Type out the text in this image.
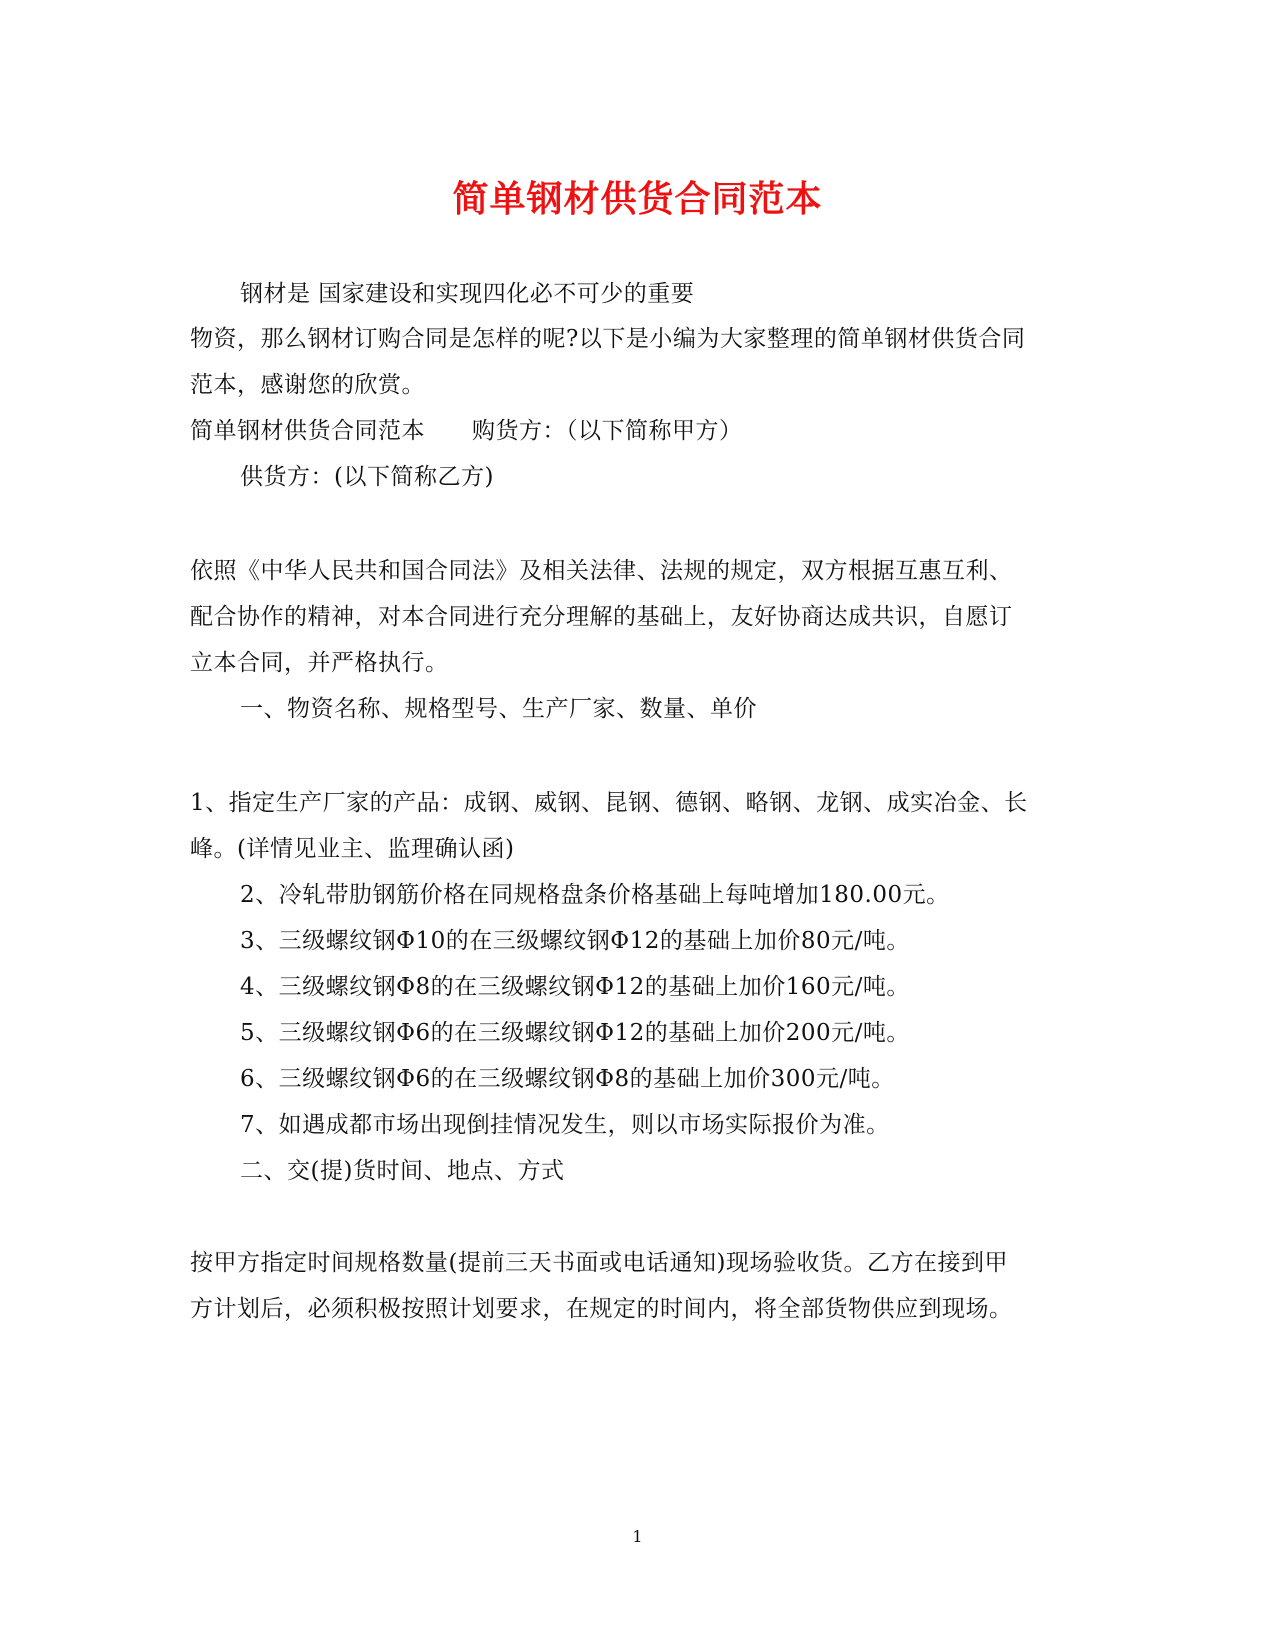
简单钢材供货合同范本
钢材是 国家建设和实现四化必不可少的重要
物资，那么钢材订购合同是怎样的呢?以下是小编为大家整理的简单钢材供货合同
范本，感谢您的欣赏。
简单钢材供货合同范本　　购货方：（以下简称甲方）
供货方：(以下简称乙方)
依照《中华人民共和国合同法》及相关法律、法规的规定，双方根据互惠互利、
配合协作的精神，对本合同进行充分理解的基础上，友好协商达成共识，自愿订
立本合同，并严格执行。
一、物资名称、规格型号、生产厂家、数量、单价
1、指定生产厂家的产品：成钢、威钢、昆钢、德钢、略钢、龙钢、成实冶金、长
峰。(详情见业主、监理确认函)
2、冷轧带肋钢筋价格在同规格盘条价格基础上每吨增加180.00元。
3、三级螺纹钢Φ10的在三级螺纹钢Φ12的基础上加价80元/吨。
4、三级螺纹钢Φ8的在三级螺纹钢Φ12的基础上加价160元/吨。
5、三级螺纹钢Φ6的在三级螺纹钢Φ12的基础上加价200元/吨。
6、三级螺纹钢Φ6的在三级螺纹钢Φ8的基础上加价300元/吨。
7、如遇成都市场出现倒挂情况发生，则以市场实际报价为准。
二、交(提)货时间、地点、方式
按甲方指定时间规格数量(提前三天书面或电话通知)现场验收货。乙方在接到甲
方计划后，必须积极按照计划要求，在规定的时间内，将全部货物供应到现场。
1
